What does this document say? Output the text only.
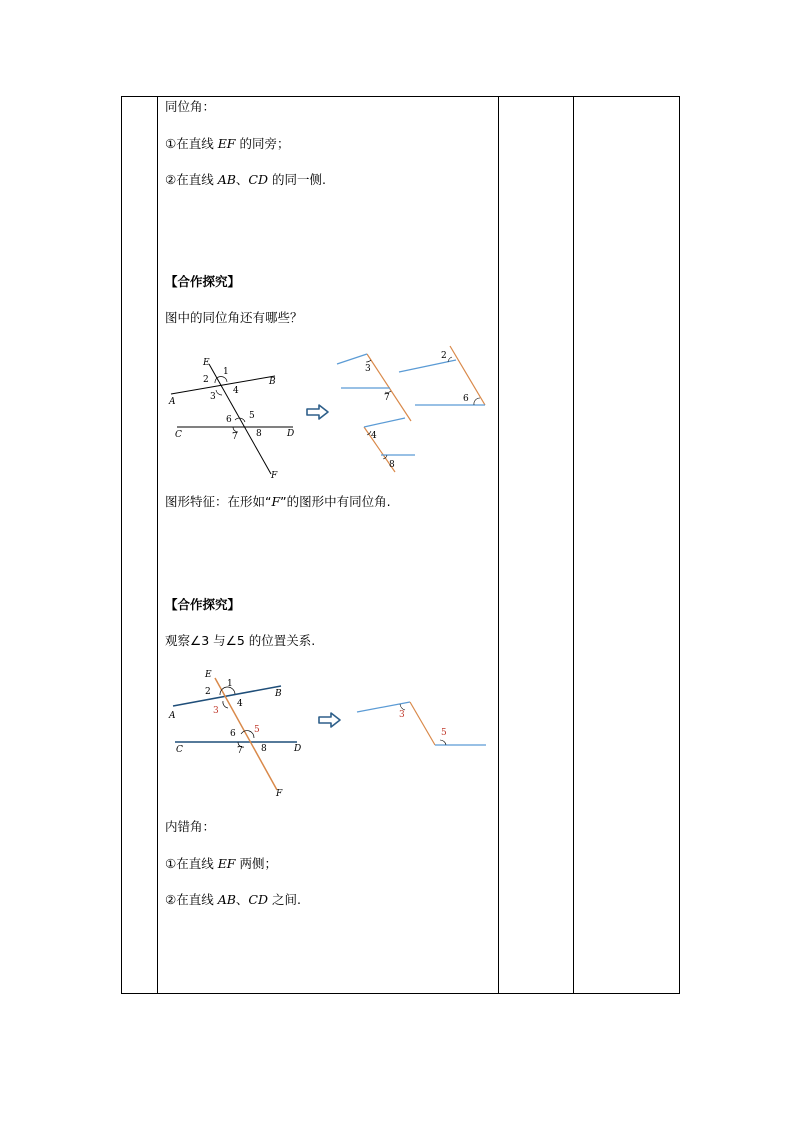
同位角：
①在直线 EF 的同旁；
②在直线 AB、CD 的同一侧.
【合作探究】
图中的同位角还有哪些？
E
A
B
C	D
F
1
2
3
4
5
6
7 8
3
7
2
6
4
8
图形特征：在形如“F”的图形中有同位角.
【合作探究】
观察∠3 与∠5 的位置关系.
E
A
B
C	D
F
1
2
3
4
5
6
7 8
3
5
内错角：
①在直线 EF 两侧；
②在直线 AB、CD 之间.
